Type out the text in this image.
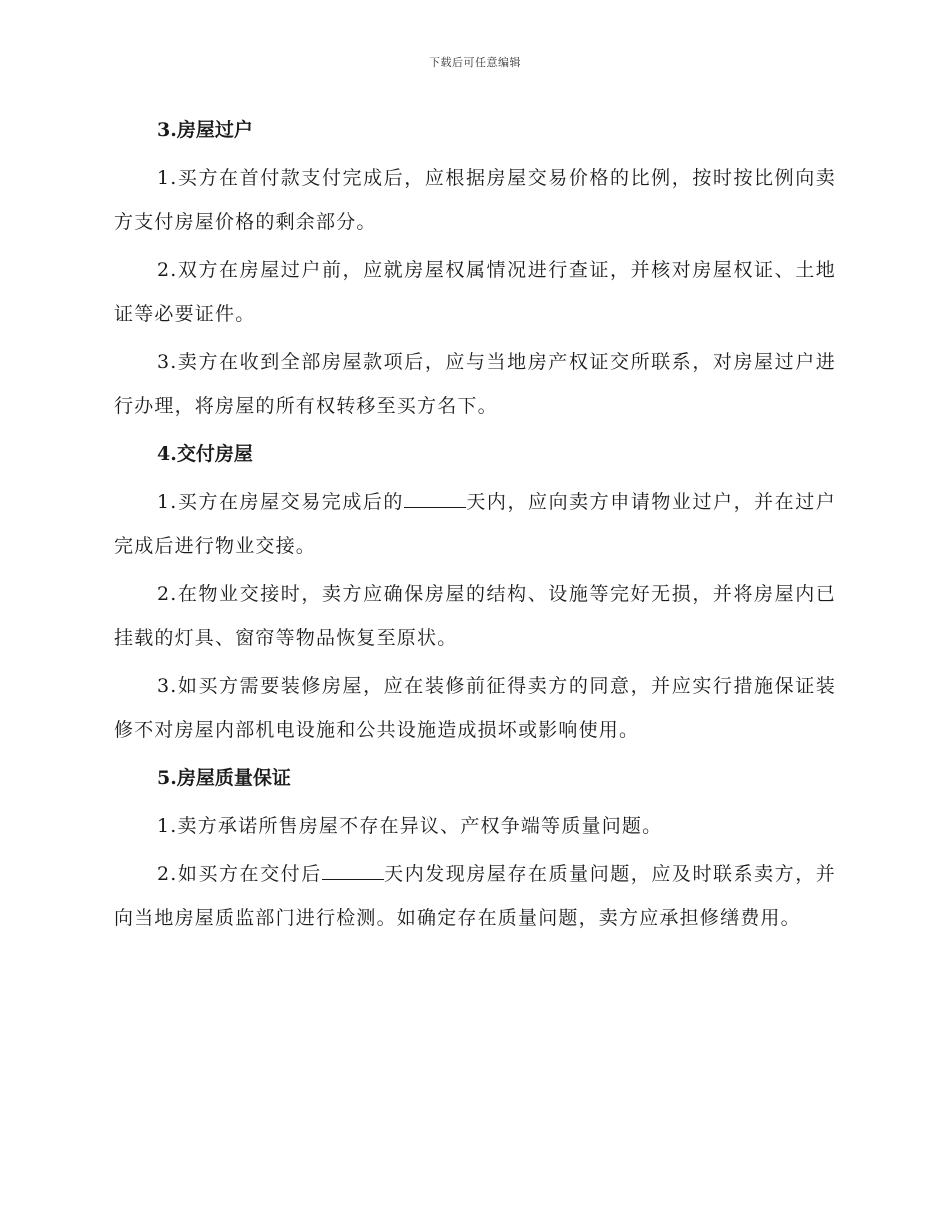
下载后可任意编辑

3.房屋过户

1.买方在首付款支付完成后，应根据房屋交易价格的比例，按时按比例向卖方支付房屋价格的剩余部分。

2.双方在房屋过户前，应就房屋权属情况进行查证，并核对房屋权证、土地证等必要证件。

3.卖方在收到全部房屋款项后，应与当地房产权证交所联系，对房屋过户进行办理，将房屋的所有权转移至买方名下。

4.交付房屋

1.买方在房屋交易完成后的	天内，应向卖方申请物业过户，并在过户完成后进行物业交接。

2.在物业交接时，卖方应确保房屋的结构、设施等完好无损，并将房屋内已挂载的灯具、窗帘等物品恢复至原状。

3.如买方需要装修房屋，应在装修前征得卖方的同意，并应实行措施保证装修不对房屋内部机电设施和公共设施造成损坏或影响使用。

5.房屋质量保证

1.卖方承诺所售房屋不存在异议、产权争端等质量问题。

2.如买方在交付后	天内发现房屋存在质量问题，应及时联系卖方，并向当地房屋质监部门进行检测。如确定存在质量问题，卖方应承担修缮费用。
